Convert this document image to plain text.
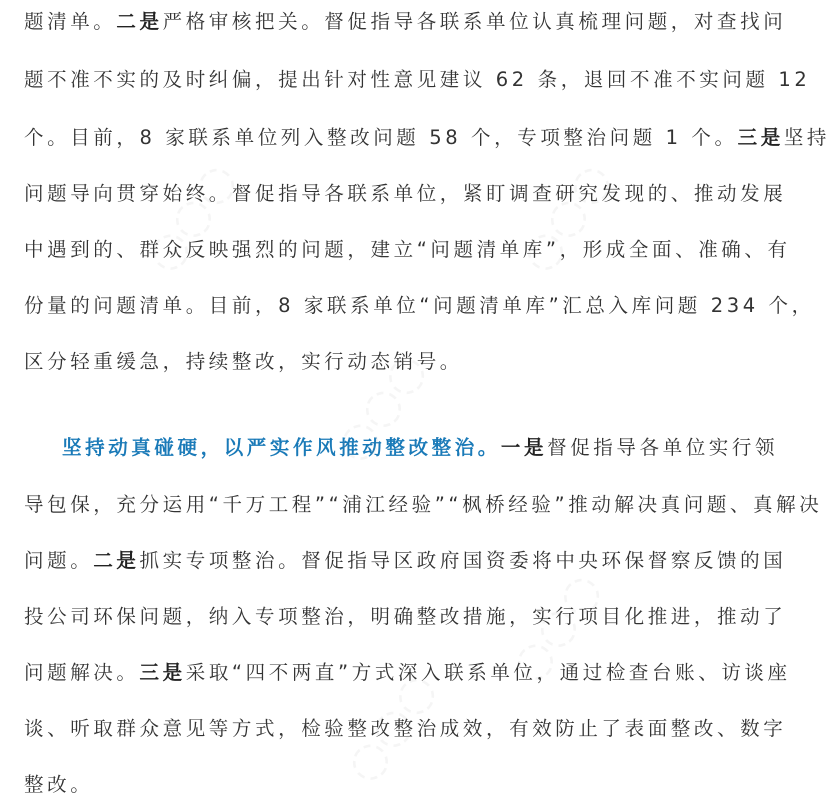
题清单。二是严格审核把关。督促指导各联系单位认真梳理问题，对查找问
题不准不实的及时纠偏，提出针对性意见建议 62 条，退回不准不实问题 12
个。目前，8 家联系单位列入整改问题 58 个，专项整治问题 1 个。三是坚持
问题导向贯穿始终。督促指导各联系单位，紧盯调查研究发现的、推动发展
中遇到的、群众反映强烈的问题，建立“问题清单库”，形成全面、准确、有
份量的问题清单。目前，8 家联系单位“问题清单库”汇总入库问题 234 个，
区分轻重缓急，持续整改，实行动态销号。
坚持动真碰硬，以严实作风推动整改整治。一是督促指导各单位实行领
导包保，充分运用“千万工程”“浦江经验”“枫桥经验”推动解决真问题、真解决
问题。二是抓实专项整治。督促指导区政府国资委将中央环保督察反馈的国
投公司环保问题，纳入专项整治，明确整改措施，实行项目化推进，推动了
问题解决。三是采取“四不两直”方式深入联系单位，通过检查台账、访谈座
谈、听取群众意见等方式，检验整改整治成效，有效防止了表面整改、数字
整改。
◌◌◌	◌◌◌
◌◌◌
◌◌◌
◌◌◌
